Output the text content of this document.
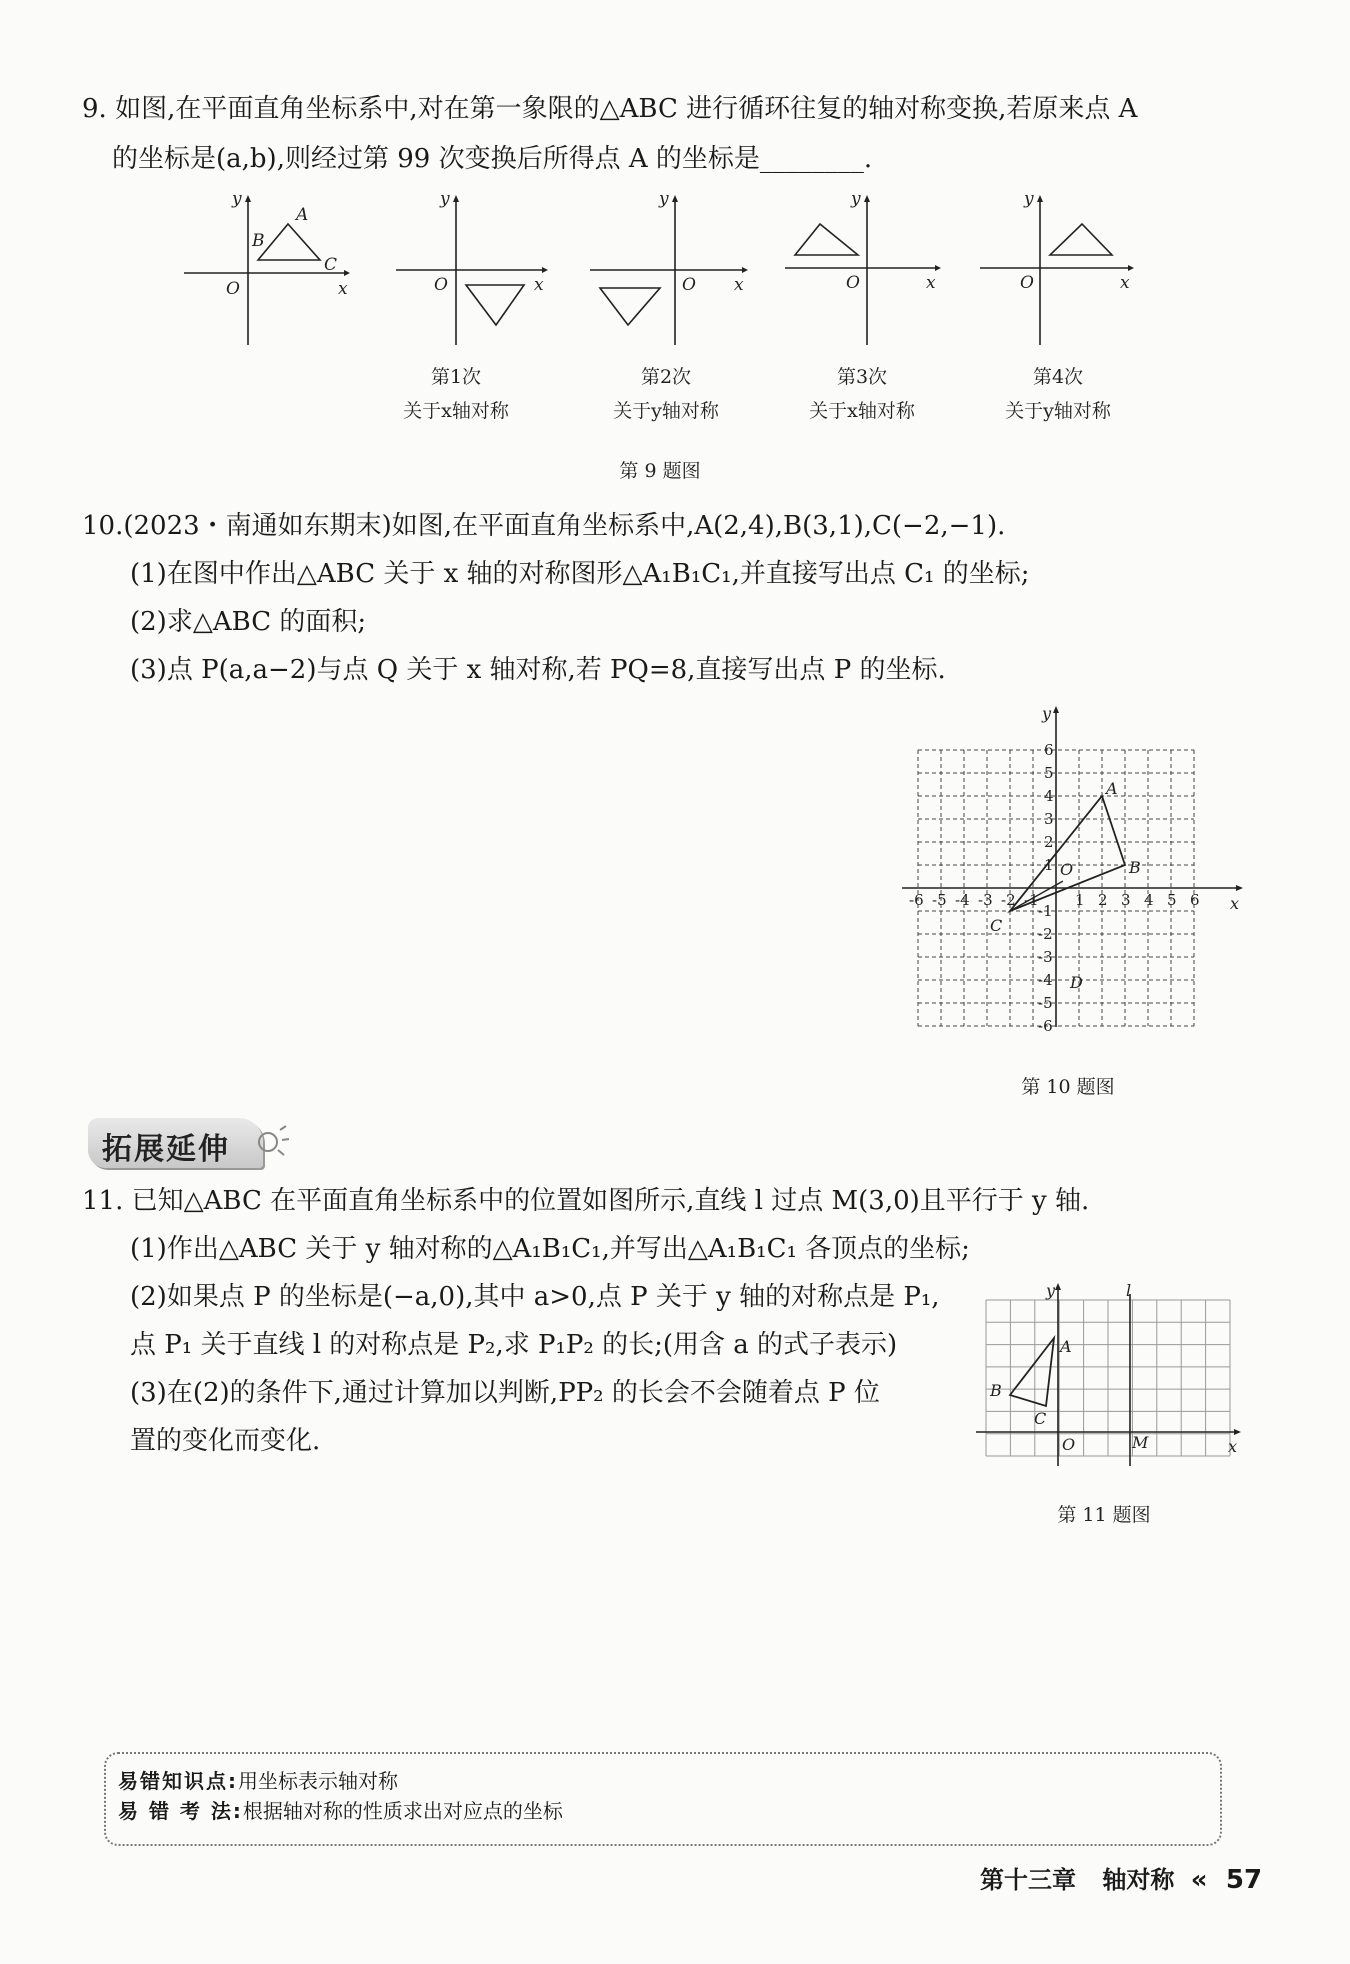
9. 如图,在平面直角坐标系中,对在第一象限的△ABC 进行循环往复的轴对称变换,若原来点 A
的坐标是(a,b),则经过第 99 次变换后所得点 A 的坐标是________.
y
x
O
A
B
C
y
x
O
y
x
O
y
x
O
y
x
O
第1次
关于x轴对称
第2次
关于y轴对称
第3次
关于x轴对称
第4次
关于y轴对称
第 9 题图
10.(2023・南通如东期末)如图,在平面直角坐标系中,A(2,4),B(3,1),C(−2,−1).
(1)在图中作出△ABC 关于 x 轴的对称图形△A₁B₁C₁,并直接写出点 C₁ 的坐标;
(2)求△ABC 的面积;
(3)点 P(a,a−2)与点 Q 关于 x 轴对称,若 PQ=8,直接写出点 P 的坐标.
-6 -5 -4 -3 -2 -1 1 2 3 4 5 6
6
5
4
3
2
1
-1
-2
-3
-4
-5
-6
A
B
C
D
O
x
y
第 10 题图
拓展延伸
11. 已知△ABC 在平面直角坐标系中的位置如图所示,直线 l 过点 M(3,0)且平行于 y 轴.
(1)作出△ABC 关于 y 轴对称的△A₁B₁C₁,并写出△A₁B₁C₁ 各顶点的坐标;
(2)如果点 P 的坐标是(−a,0),其中 a>0,点 P 关于 y 轴的对称点是 P₁,
点 P₁ 关于直线 l 的对称点是 P₂,求 P₁P₂ 的长;(用含 a 的式子表示)
(3)在(2)的条件下,通过计算加以判断,PP₂ 的长会不会随着点 P 位
置的变化而变化.
y	l
A
B
C
O	M	x
第 11 题图
易错知识点:用坐标表示轴对称
易 错 考 法:根据轴对称的性质求出对应点的坐标
第十三章 轴对称 « 57
